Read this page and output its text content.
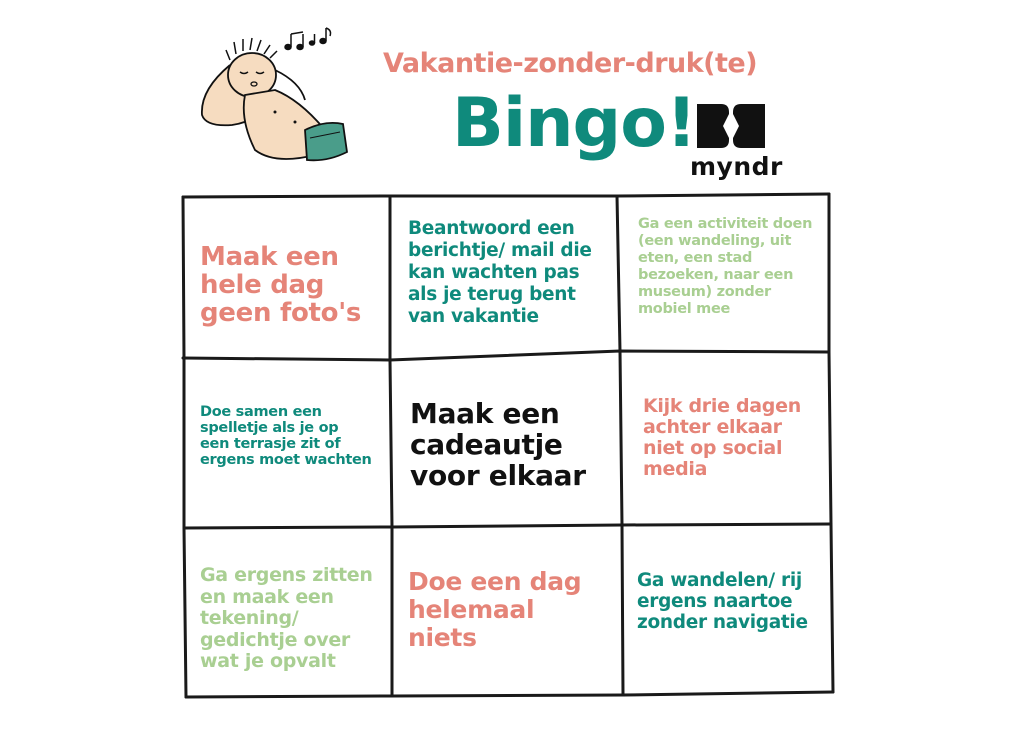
Vakantie-zonder-druk(te)
Bingo!
myndr
Maak een hele dag geen foto's
Beantwoord een berichtje/ mail die kan wachten pas als je terug bent van vakantie
Ga een activiteit doen (een wandeling, uit eten, een stad bezoeken, naar een museum) zonder mobiel mee
Doe samen een spelletje als je op een terrasje zit of ergens moet wachten
Maak een cadeautje voor elkaar
Kijk drie dagen achter elkaar niet op social media
Ga ergens zitten en maak een tekening/ gedichtje over wat je opvalt
Doe een dag helemaal niets
Ga wandelen/ rij ergens naartoe zonder navigatie
